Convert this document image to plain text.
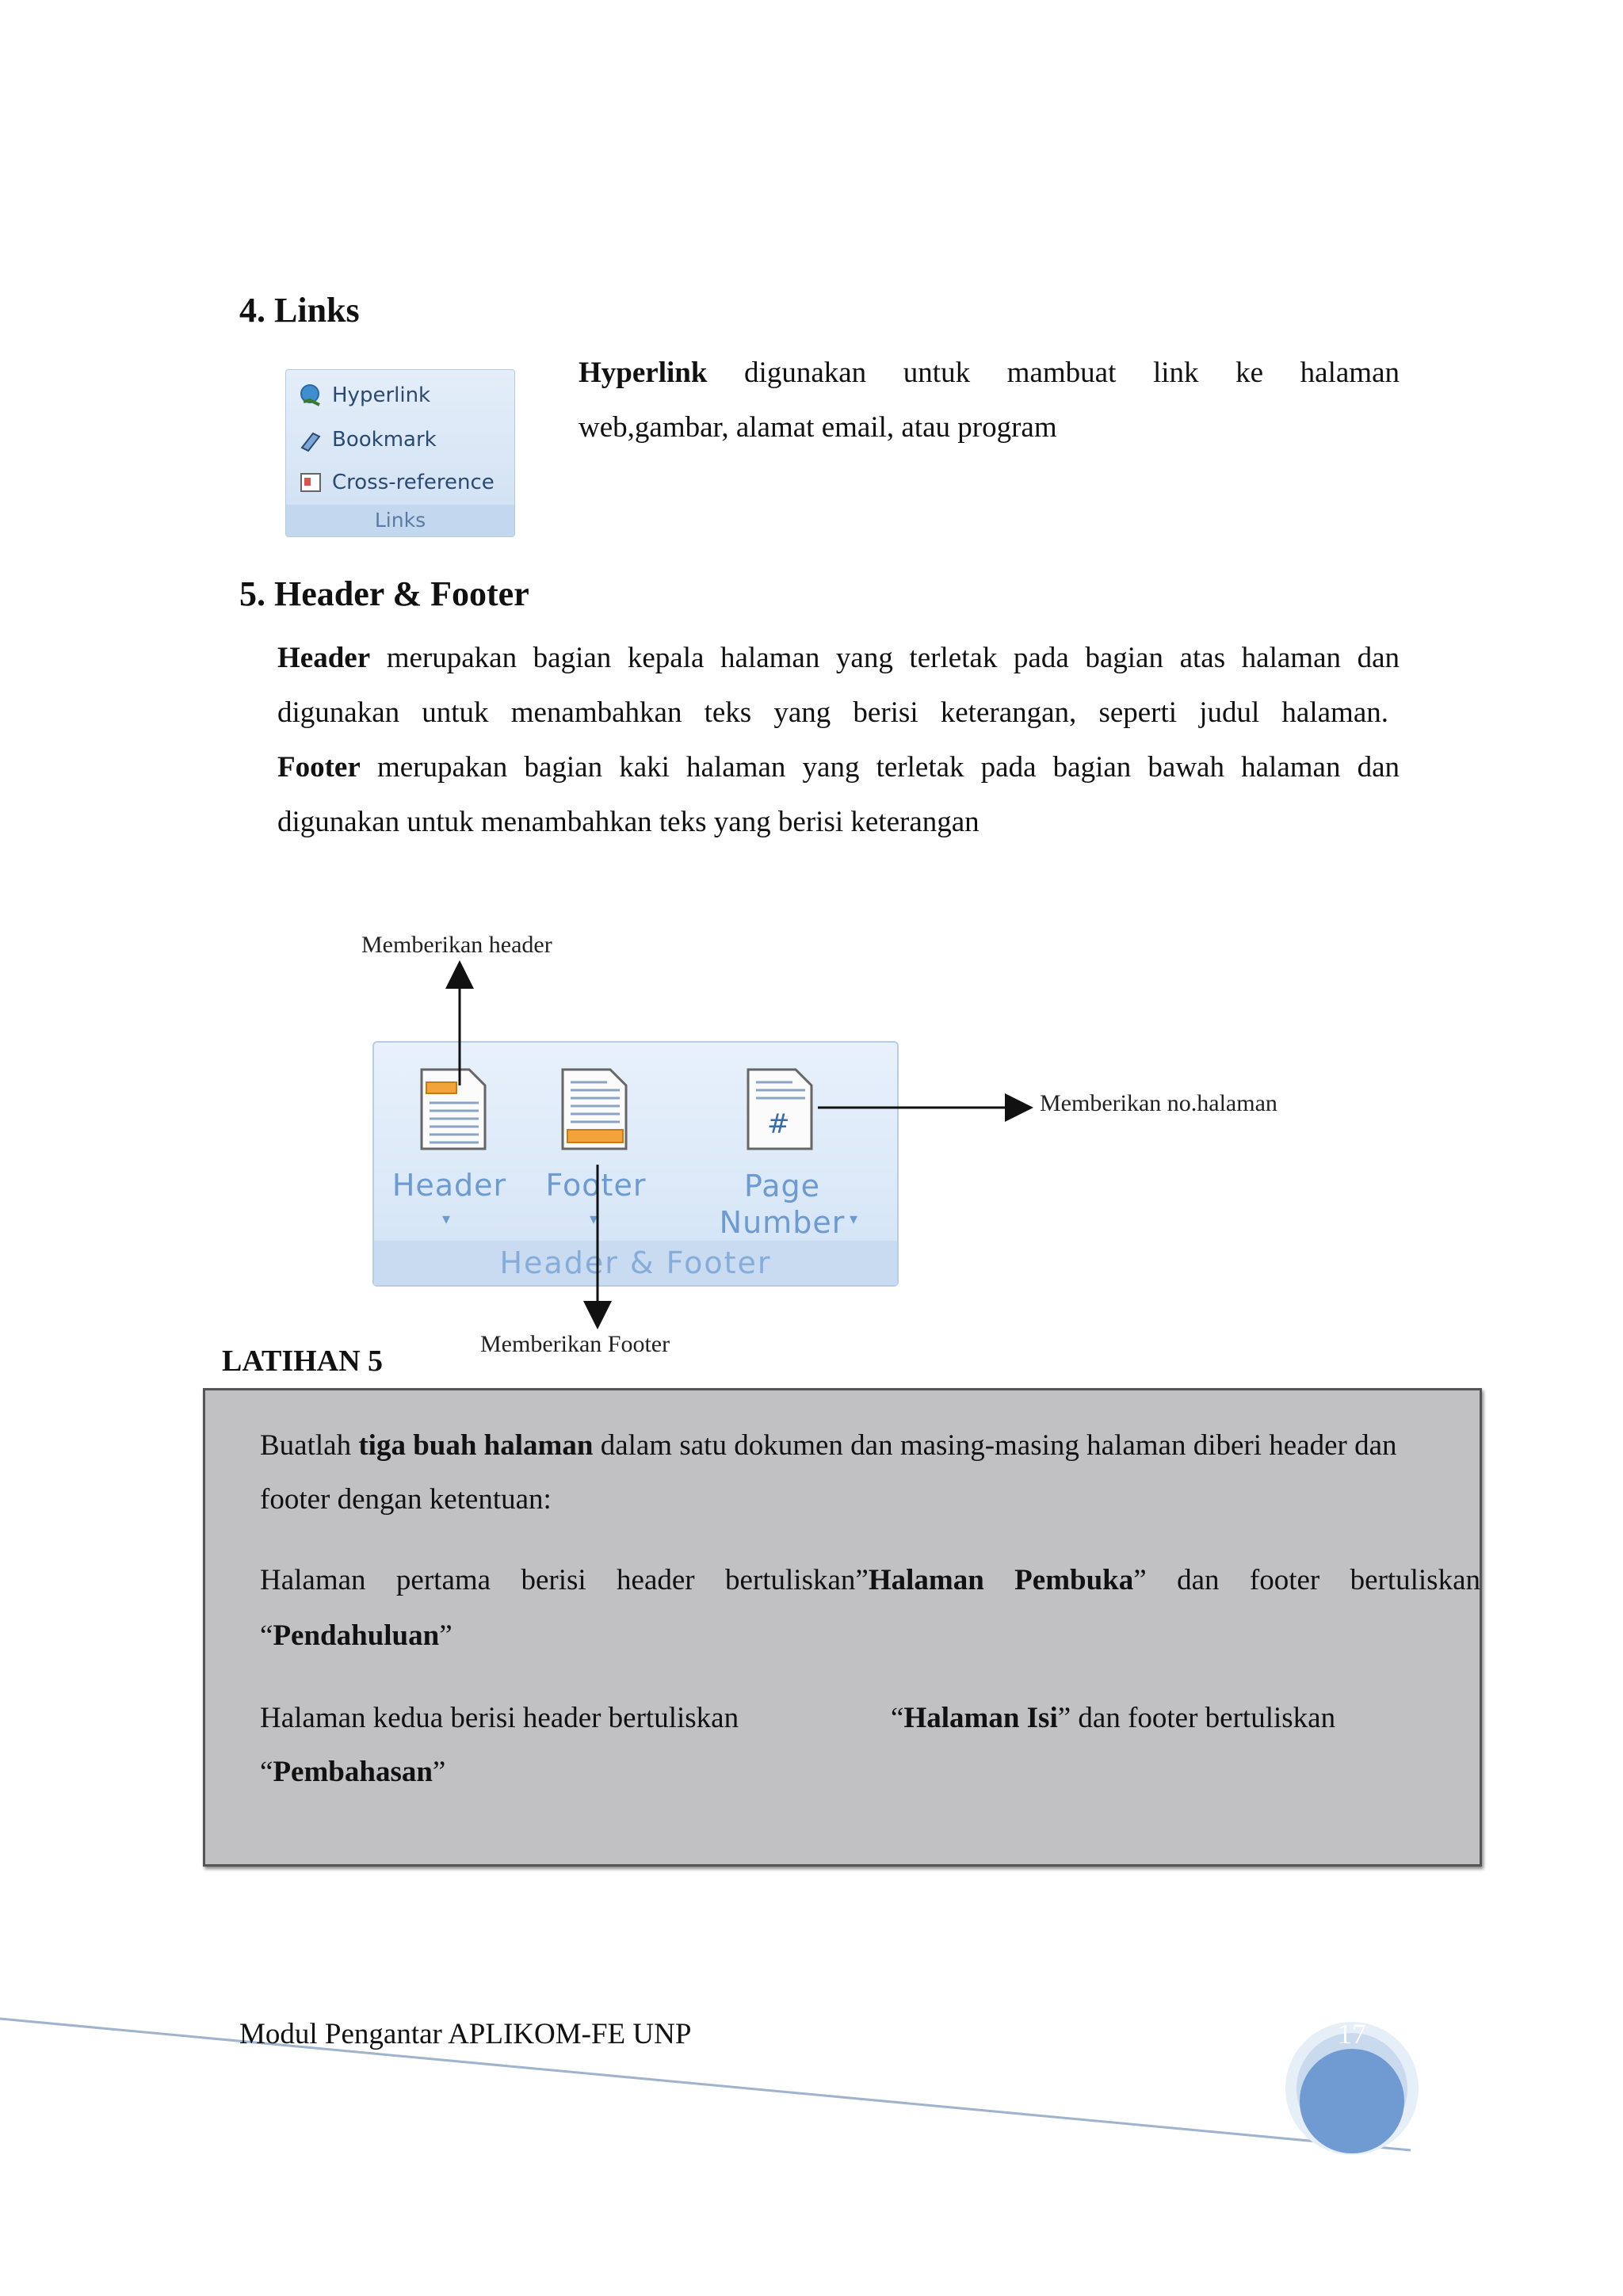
4. Links
Hyperlink
Bookmark
Cross-reference
Links
Hyperlink digunakan untuk mambuat link ke halaman
web,gambar, alamat email, atau program
5. Header & Footer
Header merupakan bagian kepala halaman yang terletak pada bagian atas halaman dan
digunakan untuk menambahkan teks yang berisi keterangan, seperti judul halaman.
Footer merupakan bagian kaki halaman yang terletak pada bagian bawah halaman dan
digunakan untuk menambahkan teks yang berisi keterangan
Memberikan header
Memberikan no.halaman
Header
▾
Footer
▾
#
Page
Number ▾
Header & Footer
Memberikan Footer
LATIHAN 5
Buatlah tiga buah halaman dalam satu dokumen dan masing-masing halaman diberi header dan
footer dengan ketentuan:
Halaman pertama berisi header bertuliskan”Halaman Pembuka” dan footer bertuliskan
“Pendahuluan”
Halaman kedua berisi header bertuliskan	“Halaman Isi” dan footer bertuliskan
“Pembahasan”
Modul Pengantar APLIKOM-FE UNP	17
